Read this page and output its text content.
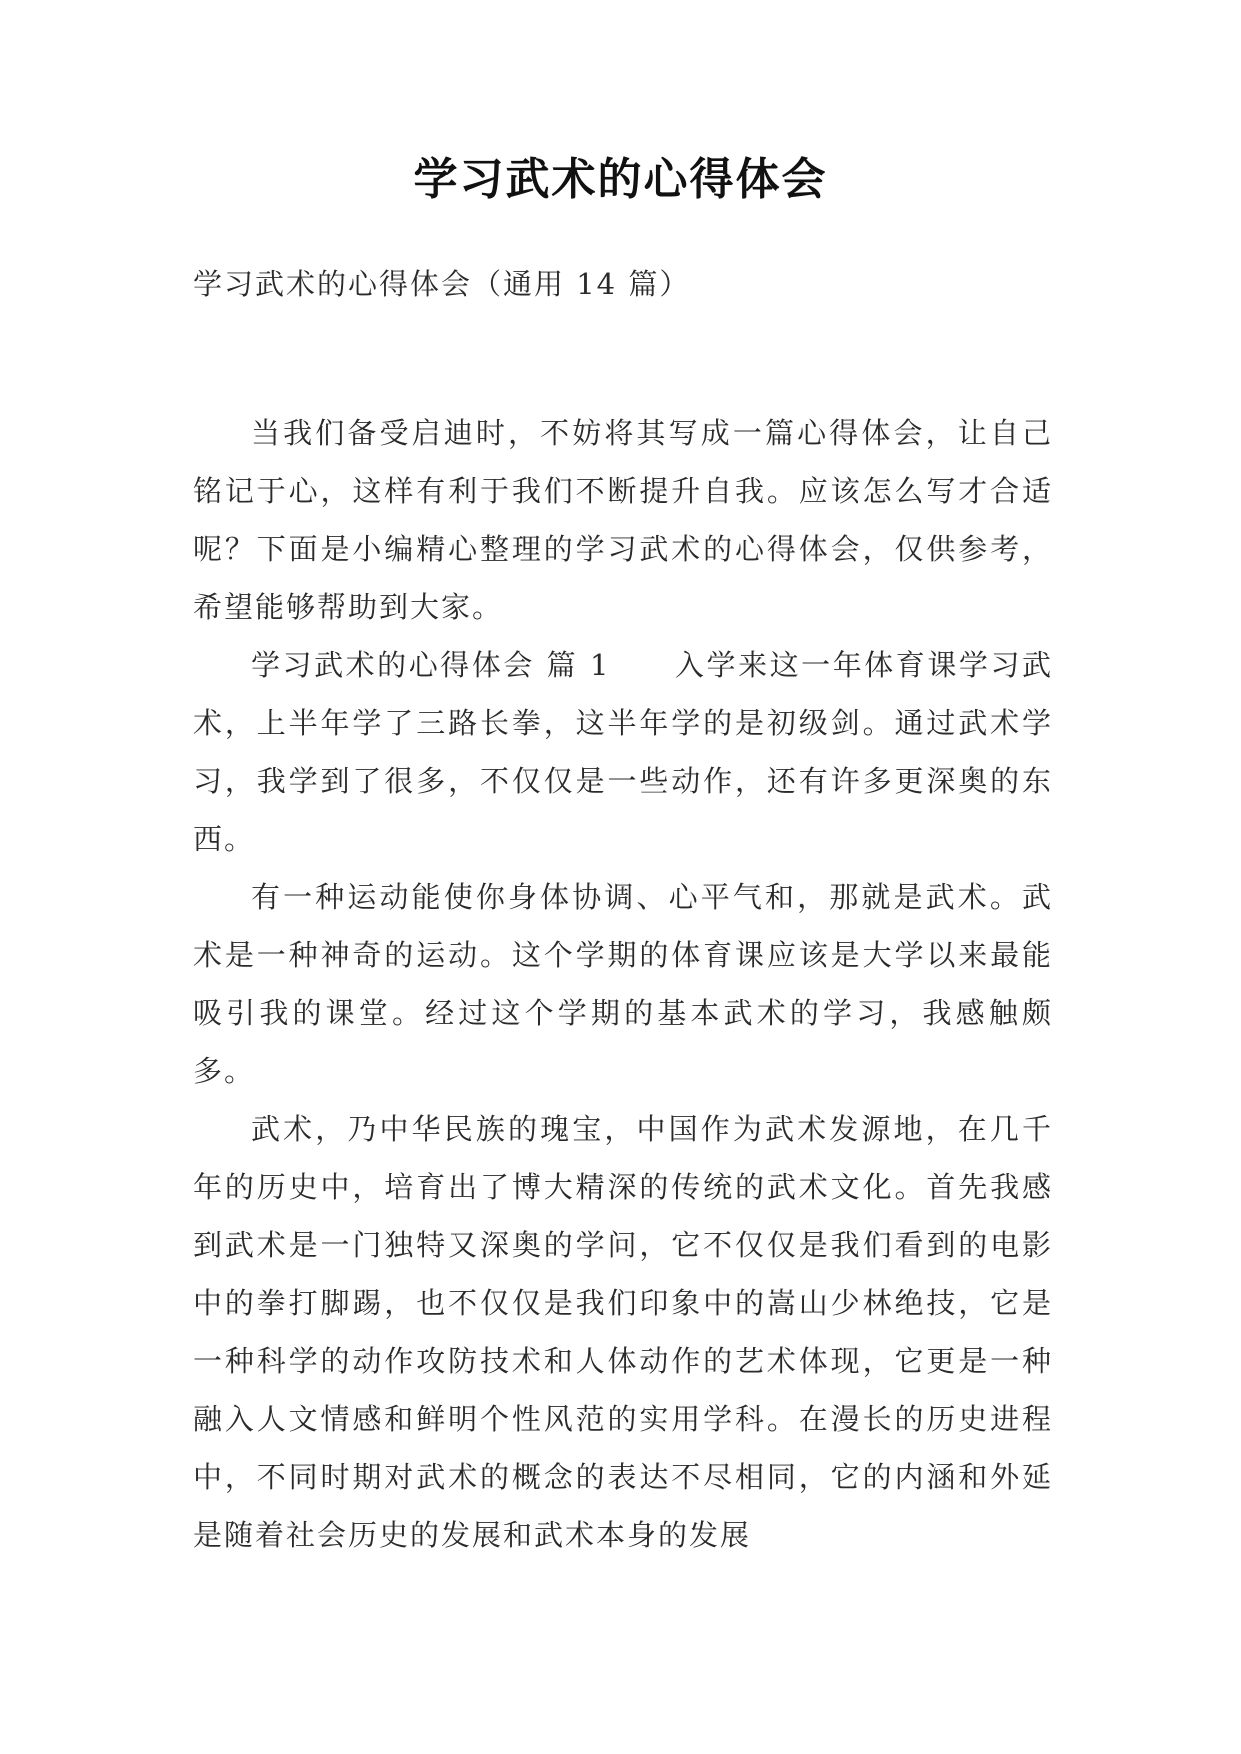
学习武术的心得体会
学习武术的心得体会（通用 14 篇）

当我们备受启迪时，不妨将其写成一篇心得体会，让自己铭记于心，这样有利于我们不断提升自我。应该怎么写才合适呢？下面是小编精心整理的学习武术的心得体会，仅供参考，希望能够帮助到大家。

学习武术的心得体会 篇 1 入学来这一年体育课学习武术，上半年学了三路长拳，这半年学的是初级剑。通过武术学习，我学到了很多，不仅仅是一些动作，还有许多更深奥的东西。

有一种运动能使你身体协调、心平气和，那就是武术。武术是一种神奇的运动。这个学期的体育课应该是大学以来最能吸引我的课堂。经过这个学期的基本武术的学习，我感触颇多。

武术，乃中华民族的瑰宝，中国作为武术发源地，在几千年的历史中，培育出了博大精深的传统的武术文化。首先我感到武术是一门独特又深奥的学问，它不仅仅是我们看到的电影中的拳打脚踢，也不仅仅是我们印象中的嵩山少林绝技，它是一种科学的动作攻防技术和人体动作的艺术体现，它更是一种融入人文情感和鲜明个性风范的实用学科。在漫长的历史进程中，不同时期对武术的概念的表达不尽相同，它的内涵和外延是随着社会历史的发展和武术本身的发展
